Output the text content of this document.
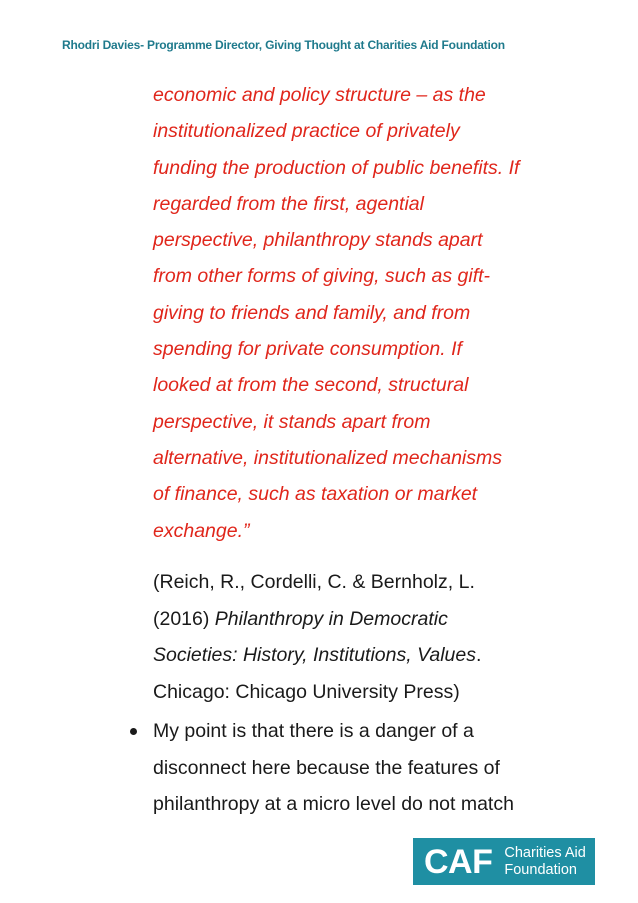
Rhodri Davies- Programme Director, Giving Thought at Charities Aid Foundation
economic and policy structure – as the
institutionalized practice of privately
funding the production of public benefits. If
regarded from the first, agential
perspective, philanthropy stands apart
from other forms of giving, such as gift-
giving to friends and family, and from
spending for private consumption. If
looked at from the second, structural
perspective, it stands apart from
alternative, institutionalized mechanisms
of finance, such as taxation or market
exchange.”
(Reich, R., Cordelli, C. & Bernholz, L.
(2016) Philanthropy in Democratic
Societies: History, Institutions, Values.
Chicago: Chicago University Press)
My point is that there is a danger of a
disconnect here because the features of
philanthropy at a micro level do not match
CAF Charities Aid
Foundation
